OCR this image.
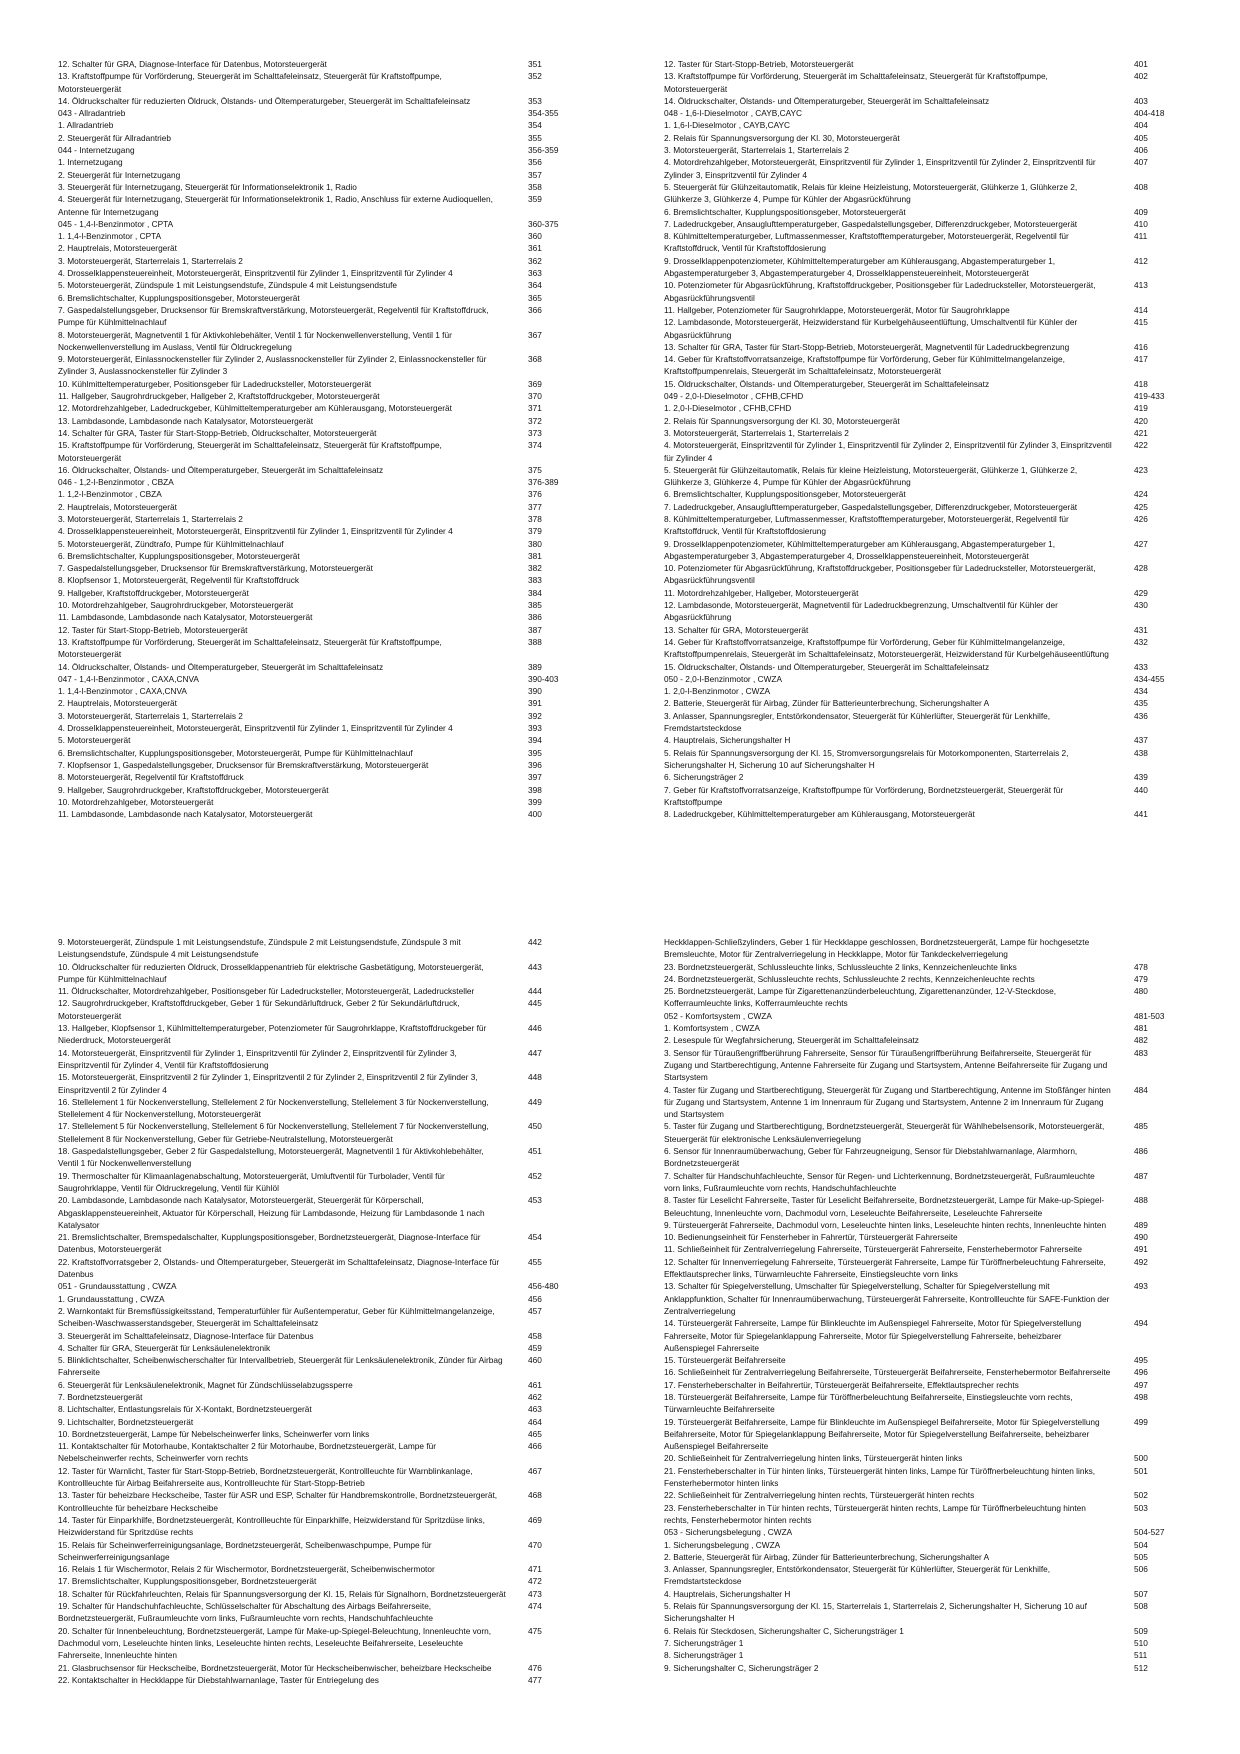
12. Schalter für GRA, Diagnose-Interface für Datenbus, Motorsteuergerät	351
13. Kraftstoffpumpe für Vorförderung, Steuergerät im Schalttafeleinsatz, Steuergerät für Kraftstoffpumpe, Motorsteuergerät
352
14. Öldruckschalter für reduzierten Öldruck, Ölstands- und Öltemperaturgeber, Steuergerät im Schalttafeleinsatz	353
043 - Allradantrieb	354-355
1. Allradantrieb	354
2. Steuergerät für Allradantrieb	355
044 - Internetzugang	356-359
1. Internetzugang	356
2. Steuergerät für Internetzugang	357
3. Steuergerät für Internetzugang, Steuergerät für Informationselektronik 1, Radio	358
4. Steuergerät für Internetzugang, Steuergerät für Informationselektronik 1, Radio, Anschluss für externe Audioquellen, Antenne für Internetzugang
359
045 - 1,4-l-Benzinmotor , CPTA	360-375
1. 1,4-l-Benzinmotor , CPTA	360
2. Hauptrelais, Motorsteuergerät	361
3. Motorsteuergerät, Starterrelais 1, Starterrelais 2	362
4. Drosselklappensteuereinheit, Motorsteuergerät, Einspritzventil für Zylinder 1, Einspritzventil für Zylinder 4	363
5. Motorsteuergerät, Zündspule 1 mit Leistungsendstufe, Zündspule 4 mit Leistungsendstufe	364
6. Bremslichtschalter, Kupplungspositionsgeber, Motorsteuergerät	365
7. Gaspedalstellungsgeber, Drucksensor für Bremskraftverstärkung, Motorsteuergerät, Regelventil für Kraftstoffdruck, Pumpe für Kühlmittelnachlauf
366
8. Motorsteuergerät, Magnetventil 1 für Aktivkohlebehälter, Ventil 1 für Nockenwellenverstellung, Ventil 1 für Nockenwellenverstellung im Auslass, Ventil für Öldruckregelung
367
9. Motorsteuergerät, Einlassnockensteller für Zylinder 2, Auslassnockensteller für Zylinder 2, Einlassnockensteller für Zylinder 3, Auslassnockensteller für Zylinder 3
368
10. Kühlmitteltemperaturgeber, Positionsgeber für Ladedrucksteller, Motorsteuergerät	369
11. Hallgeber, Saugrohrdruckgeber, Hallgeber 2, Kraftstoffdruckgeber, Motorsteuergerät	370
12. Motordrehzahlgeber, Ladedruckgeber, Kühlmitteltemperaturgeber am Kühlerausgang, Motorsteuergerät	371
13. Lambdasonde, Lambdasonde nach Katalysator, Motorsteuergerät	372
14. Schalter für GRA, Taster für Start-Stopp-Betrieb, Öldruckschalter, Motorsteuergerät	373
15. Kraftstoffpumpe für Vorförderung, Steuergerät im Schalttafeleinsatz, Steuergerät für Kraftstoffpumpe, Motorsteuergerät
374
16. Öldruckschalter, Ölstands- und Öltemperaturgeber, Steuergerät im Schalttafeleinsatz	375
046 - 1,2-l-Benzinmotor , CBZA	376-389
1. 1,2-l-Benzinmotor , CBZA	376
2. Hauptrelais, Motorsteuergerät	377
3. Motorsteuergerät, Starterrelais 1, Starterrelais 2	378
4. Drosselklappensteuereinheit, Motorsteuergerät, Einspritzventil für Zylinder 1, Einspritzventil für Zylinder 4	379
5. Motorsteuergerät, Zündtrafo, Pumpe für Kühlmittelnachlauf	380
6. Bremslichtschalter, Kupplungspositionsgeber, Motorsteuergerät	381
7. Gaspedalstellungsgeber, Drucksensor für Bremskraftverstärkung, Motorsteuergerät	382
8. Klopfsensor 1, Motorsteuergerät, Regelventil für Kraftstoffdruck	383
9. Hallgeber, Kraftstoffdruckgeber, Motorsteuergerät	384
10. Motordrehzahlgeber, Saugrohrdruckgeber, Motorsteuergerät	385
11. Lambdasonde, Lambdasonde nach Katalysator, Motorsteuergerät	386
12. Taster für Start-Stopp-Betrieb, Motorsteuergerät	387
13. Kraftstoffpumpe für Vorförderung, Steuergerät im Schalttafeleinsatz, Steuergerät für Kraftstoffpumpe, Motorsteuergerät
388
14. Öldruckschalter, Ölstands- und Öltemperaturgeber, Steuergerät im Schalttafeleinsatz	389
047 - 1,4-l-Benzinmotor , CAXA,CNVA	390-403
1. 1,4-l-Benzinmotor , CAXA,CNVA	390
2. Hauptrelais, Motorsteuergerät	391
3. Motorsteuergerät, Starterrelais 1, Starterrelais 2	392
4. Drosselklappensteuereinheit, Motorsteuergerät, Einspritzventil für Zylinder 1, Einspritzventil für Zylinder 4	393
5. Motorsteuergerät	394
6. Bremslichtschalter, Kupplungspositionsgeber, Motorsteuergerät, Pumpe für Kühlmittelnachlauf	395
7. Klopfsensor 1, Gaspedalstellungsgeber, Drucksensor für Bremskraftverstärkung, Motorsteuergerät	396
8. Motorsteuergerät, Regelventil für Kraftstoffdruck	397
9. Hallgeber, Saugrohrdruckgeber, Kraftstoffdruckgeber, Motorsteuergerät	398
10. Motordrehzahlgeber, Motorsteuergerät	399
11. Lambdasonde, Lambdasonde nach Katalysator, Motorsteuergerät	400
12. Taster für Start-Stopp-Betrieb, Motorsteuergerät	401
13. Kraftstoffpumpe für Vorförderung, Steuergerät im Schalttafeleinsatz, Steuergerät für Kraftstoffpumpe, Motorsteuergerät
402
14. Öldruckschalter, Ölstands- und Öltemperaturgeber, Steuergerät im Schalttafeleinsatz	403
048 - 1,6-l-Dieselmotor , CAYB,CAYC	404-418
1. 1,6-l-Dieselmotor , CAYB,CAYC	404
2. Relais für Spannungsversorgung der Kl. 30, Motorsteuergerät	405
3. Motorsteuergerät, Starterrelais 1, Starterrelais 2	406
4. Motordrehzahlgeber, Motorsteuergerät, Einspritzventil für Zylinder 1, Einspritzventil für Zylinder 2, Einspritzventil für Zylinder 3, Einspritzventil für Zylinder 4
407
5. Steuergerät für Glühzeitautomatik, Relais für kleine Heizleistung, Motorsteuergerät, Glühkerze 1, Glühkerze 2, Glühkerze 3, Glühkerze 4, Pumpe für Kühler der Abgasrückführung
408
6. Bremslichtschalter, Kupplungspositionsgeber, Motorsteuergerät	409
7. Ladedruckgeber, Ansauglufttemperaturgeber, Gaspedalstellungsgeber, Differenzdruckgeber, Motorsteuergerät	410
8. Kühlmitteltemperaturgeber, Luftmassenmesser, Kraftstofftemperaturgeber, Motorsteuergerät, Regelventil für Kraftstoffdruck, Ventil für Kraftstoffdosierung
411
9. Drosselklappenpotenziometer, Kühlmitteltemperaturgeber am Kühlerausgang, Abgastemperaturgeber 1, Abgastemperaturgeber 3, Abgastemperaturgeber 4, Drosselklappensteuereinheit, Motorsteuergerät
412
10. Potenziometer für Abgasrückführung, Kraftstoffdruckgeber, Positionsgeber für Ladedrucksteller, Motorsteuergerät, Abgasrückführungsventil
413
11. Hallgeber, Potenziometer für Saugrohrklappe, Motorsteuergerät, Motor für Saugrohrklappe	414
12. Lambdasonde, Motorsteuergerät, Heizwiderstand für Kurbelgehäuseentlüftung, Umschaltventil für Kühler der Abgasrückführung
415
13. Schalter für GRA, Taster für Start-Stopp-Betrieb, Motorsteuergerät, Magnetventil für Ladedruckbegrenzung	416
14. Geber für Kraftstoffvorratsanzeige, Kraftstoffpumpe für Vorförderung, Geber für Kühlmittelmangelanzeige, Kraftstoffpumpenrelais, Steuergerät im Schalttafeleinsatz, Motorsteuergerät
417
15. Öldruckschalter, Ölstands- und Öltemperaturgeber, Steuergerät im Schalttafeleinsatz	418
049 - 2,0-l-Dieselmotor , CFHB,CFHD	419-433
1. 2,0-l-Dieselmotor , CFHB,CFHD	419
2. Relais für Spannungsversorgung der Kl. 30, Motorsteuergerät	420
3. Motorsteuergerät, Starterrelais 1, Starterrelais 2	421
4. Motorsteuergerät, Einspritzventil für Zylinder 1, Einspritzventil für Zylinder 2, Einspritzventil für Zylinder 3, Einspritzventil für Zylinder 4
422
5. Steuergerät für Glühzeitautomatik, Relais für kleine Heizleistung, Motorsteuergerät, Glühkerze 1, Glühkerze 2, Glühkerze 3, Glühkerze 4, Pumpe für Kühler der Abgasrückführung
423
6. Bremslichtschalter, Kupplungspositionsgeber, Motorsteuergerät	424
7. Ladedruckgeber, Ansauglufttemperaturgeber, Gaspedalstellungsgeber, Differenzdruckgeber, Motorsteuergerät	425
8. Kühlmitteltemperaturgeber, Luftmassenmesser, Kraftstofftemperaturgeber, Motorsteuergerät, Regelventil für Kraftstoffdruck, Ventil für Kraftstoffdosierung
426
9. Drosselklappenpotenziometer, Kühlmitteltemperaturgeber am Kühlerausgang, Abgastemperaturgeber 1, Abgastemperaturgeber 3, Abgastemperaturgeber 4, Drosselklappensteuereinheit, Motorsteuergerät
427
10. Potenziometer für Abgasrückführung, Kraftstoffdruckgeber, Positionsgeber für Ladedrucksteller, Motorsteuergerät, Abgasrückführungsventil
428
11. Motordrehzahlgeber, Hallgeber, Motorsteuergerät	429
12. Lambdasonde, Motorsteuergerät, Magnetventil für Ladedruckbegrenzung, Umschaltventil für Kühler der Abgasrückführung
430
13. Schalter für GRA, Motorsteuergerät	431
14. Geber für Kraftstoffvorratsanzeige, Kraftstoffpumpe für Vorförderung, Geber für Kühlmittelmangelanzeige, Kraftstoffpumpenrelais, Steuergerät im Schalttafeleinsatz, Motorsteuergerät, Heizwiderstand für Kurbelgehäuseentlüftung
432
15. Öldruckschalter, Ölstands- und Öltemperaturgeber, Steuergerät im Schalttafeleinsatz	433
050 - 2,0-l-Benzinmotor , CWZA	434-455
1. 2,0-l-Benzinmotor , CWZA	434
2. Batterie, Steuergerät für Airbag, Zünder für Batterieunterbrechung, Sicherungshalter A	435
3. Anlasser, Spannungsregler, Entstörkondensator, Steuergerät für Kühlerlüfter, Steuergerät für Lenkhilfe, Fremdstartsteckdose
436
4. Hauptrelais, Sicherungshalter H	437
5. Relais für Spannungsversorgung der Kl. 15, Stromversorgungsrelais für Motorkomponenten, Starterrelais 2, Sicherungshalter H, Sicherung 10 auf Sicherungshalter H
438
6. Sicherungsträger 2	439
7. Geber für Kraftstoffvorratsanzeige, Kraftstoffpumpe für Vorförderung, Bordnetzsteuergerät, Steuergerät für Kraftstoffpumpe
440
8. Ladedruckgeber, Kühlmitteltemperaturgeber am Kühlerausgang, Motorsteuergerät	441
9. Motorsteuergerät, Zündspule 1 mit Leistungsendstufe, Zündspule 2 mit Leistungsendstufe, Zündspule 3 mit Leistungsendstufe, Zündspule 4 mit Leistungsendstufe
442
10. Öldruckschalter für reduzierten Öldruck, Drosselklappenantrieb für elektrische Gasbetätigung, Motorsteuergerät, Pumpe für Kühlmittelnachlauf
443
11. Öldruckschalter, Motordrehzahlgeber, Positionsgeber für Ladedrucksteller, Motorsteuergerät, Ladedrucksteller	444
12. Saugrohrdruckgeber, Kraftstoffdruckgeber, Geber 1 für Sekundärluftdruck, Geber 2 für Sekundärluftdruck, Motorsteuergerät
445
13. Hallgeber, Klopfsensor 1, Kühlmitteltemperaturgeber, Potenziometer für Saugrohrklappe, Kraftstoffdruckgeber für Niederdruck, Motorsteuergerät
446
14. Motorsteuergerät, Einspritzventil für Zylinder 1, Einspritzventil für Zylinder 2, Einspritzventil für Zylinder 3, Einspritzventil für Zylinder 4, Ventil für Kraftstoffdosierung
447
15. Motorsteuergerät, Einspritzventil 2 für Zylinder 1, Einspritzventil 2 für Zylinder 2, Einspritzventil 2 für Zylinder 3, Einspritzventil 2 für Zylinder 4
448
16. Stellelement 1 für Nockenverstellung, Stellelement 2 für Nockenverstellung, Stellelement 3 für Nockenverstellung, Stellelement 4 für Nockenverstellung, Motorsteuergerät
449
17. Stellelement 5 für Nockenverstellung, Stellelement 6 für Nockenverstellung, Stellelement 7 für Nockenverstellung, Stellelement 8 für Nockenverstellung, Geber für Getriebe-Neutralstellung, Motorsteuergerät
450
18. Gaspedalstellungsgeber, Geber 2 für Gaspedalstellung, Motorsteuergerät, Magnetventil 1 für Aktivkohlebehälter, Ventil 1 für Nockenwellenverstellung
451
19. Thermoschalter für Klimaanlagenabschaltung, Motorsteuergerät, Umluftventil für Turbolader, Ventil für Saugrohrklappe, Ventil für Öldruckregelung, Ventil für Kühlöl
452
20. Lambdasonde, Lambdasonde nach Katalysator, Motorsteuergerät, Steuergerät für Körperschall, Abgasklappensteuereinheit, Aktuator für Körperschall, Heizung für Lambdasonde, Heizung für Lambdasonde 1 nach Katalysator
453
21. Bremslichtschalter, Bremspedalschalter, Kupplungspositionsgeber, Bordnetzsteuergerät, Diagnose-Interface für Datenbus, Motorsteuergerät
454
22. Kraftstoffvorratsgeber 2, Ölstands- und Öltemperaturgeber, Steuergerät im Schalttafeleinsatz, Diagnose-Interface für Datenbus
455
051 - Grundausstattung , CWZA	456-480
1. Grundausstattung , CWZA	456
2. Warnkontakt für Bremsflüssigkeitsstand, Temperaturfühler für Außentemperatur, Geber für Kühlmittelmangelanzeige, Scheiben-Waschwasserstandsgeber, Steuergerät im Schalttafeleinsatz
457
3. Steuergerät im Schalttafeleinsatz, Diagnose-Interface für Datenbus	458
4. Schalter für GRA, Steuergerät für Lenksäulenelektronik	459
5. Blinklichtschalter, Scheibenwischerschalter für Intervallbetrieb, Steuergerät für Lenksäulenelektronik, Zünder für Airbag Fahrerseite
460
6. Steuergerät für Lenksäulenelektronik, Magnet für Zündschlüsselabzugssperre	461
7. Bordnetzsteuergerät	462
8. Lichtschalter, Entlastungsrelais für X-Kontakt, Bordnetzsteuergerät	463
9. Lichtschalter, Bordnetzsteuergerät	464
10. Bordnetzsteuergerät, Lampe für Nebelscheinwerfer links, Scheinwerfer vorn links	465
11. Kontaktschalter für Motorhaube, Kontaktschalter 2 für Motorhaube, Bordnetzsteuergerät, Lampe für Nebelscheinwerfer rechts, Scheinwerfer vorn rechts
466
12. Taster für Warnlicht, Taster für Start-Stopp-Betrieb, Bordnetzsteuergerät, Kontrollleuchte für Warnblinkanlage, Kontrollleuchte für Airbag Beifahrerseite aus, Kontrollleuchte für Start-Stopp-Betrieb
467
13. Taster für beheizbare Heckscheibe, Taster für ASR und ESP, Schalter für Handbremskontrolle, Bordnetzsteuergerät, Kontrollleuchte für beheizbare Heckscheibe
468
14. Taster für Einparkhilfe, Bordnetzsteuergerät, Kontrollleuchte für Einparkhilfe, Heizwiderstand für Spritzdüse links, Heizwiderstand für Spritzdüse rechts
469
15. Relais für Scheinwerferreinigungsanlage, Bordnetzsteuergerät, Scheibenwaschpumpe, Pumpe für Scheinwerferreinigungsanlage
470
16. Relais 1 für Wischermotor, Relais 2 für Wischermotor, Bordnetzsteuergerät, Scheibenwischermotor	471
17. Bremslichtschalter, Kupplungspositionsgeber, Bordnetzsteuergerät	472
18. Schalter für Rückfahrleuchten, Relais für Spannungsversorgung der Kl. 15, Relais für Signalhorn, Bordnetzsteuergerät	473
19. Schalter für Handschuhfachleuchte, Schlüsselschalter für Abschaltung des Airbags Beifahrerseite, Bordnetzsteuergerät, Fußraumleuchte vorn links, Fußraumleuchte vorn rechts, Handschuhfachleuchte
474
20. Schalter für Innenbeleuchtung, Bordnetzsteuergerät, Lampe für Make-up-Spiegel-Beleuchtung, Innenleuchte vorn, Dachmodul vorn, Leseleuchte hinten links, Leseleuchte hinten rechts, Leseleuchte Beifahrerseite, Leseleuchte Fahrerseite, Innenleuchte hinten
475
21. Glasbruchsensor für Heckscheibe, Bordnetzsteuergerät, Motor für Heckscheibenwischer, beheizbare Heckscheibe	476
22. Kontaktschalter in Heckklappe für Diebstahlwarnanlage, Taster für Entriegelung des	477
Heckklappen-Schließzylinders, Geber 1 für Heckklappe geschlossen, Bordnetzsteuergerät, Lampe für hochgesetzte Bremsleuchte, Motor für Zentralverriegelung in Heckklappe, Motor für Tankdeckelverriegelung
23. Bordnetzsteuergerät, Schlussleuchte links, Schlussleuchte 2 links, Kennzeichenleuchte links	478
24. Bordnetzsteuergerät, Schlussleuchte rechts, Schlussleuchte 2 rechts, Kennzeichenleuchte rechts	479
25. Bordnetzsteuergerät, Lampe für Zigarettenanzünderbeleuchtung, Zigarettenanzünder, 12-V-Steckdose, Kofferraumleuchte links, Kofferraumleuchte rechts
480
052 - Komfortsystem , CWZA	481-503
1. Komfortsystem , CWZA	481
2. Lesespule für Wegfahrsicherung, Steuergerät im Schalttafeleinsatz	482
3. Sensor für Türaußengriffberührung Fahrerseite, Sensor für Türaußengriffberührung Beifahrerseite, Steuergerät für Zugang und Startberechtigung, Antenne Fahrerseite für Zugang und Startsystem, Antenne Beifahrerseite für Zugang und Startsystem
483
4. Taster für Zugang und Startberechtigung, Steuergerät für Zugang und Startberechtigung, Antenne im Stoßfänger hinten für Zugang und Startsystem, Antenne 1 im Innenraum für Zugang und Startsystem, Antenne 2 im Innenraum für Zugang und Startsystem
484
5. Taster für Zugang und Startberechtigung, Bordnetzsteuergerät, Steuergerät für Wählhebelsensorik, Motorsteuergerät, Steuergerät für elektronische Lenksäulenverriegelung
485
6. Sensor für Innenraumüberwachung, Geber für Fahrzeugneigung, Sensor für Diebstahlwarnanlage, Alarmhorn, Bordnetzsteuergerät
486
7. Schalter für Handschuhfachleuchte, Sensor für Regen- und Lichterkennung, Bordnetzsteuergerät, Fußraumleuchte vorn links, Fußraumleuchte vorn rechts, Handschuhfachleuchte
487
8. Taster für Leselicht Fahrerseite, Taster für Leselicht Beifahrerseite, Bordnetzsteuergerät, Lampe für Make-up-Spiegel-Beleuchtung, Innenleuchte vorn, Dachmodul vorn, Leseleuchte Beifahrerseite, Leseleuchte Fahrerseite
488
9. Türsteuergerät Fahrerseite, Dachmodul vorn, Leseleuchte hinten links, Leseleuchte hinten rechts, Innenleuchte hinten	489
10. Bedienungseinheit für Fensterheber in Fahrertür, Türsteuergerät Fahrerseite	490
11. Schließeinheit für Zentralverriegelung Fahrerseite, Türsteuergerät Fahrerseite, Fensterhebermotor Fahrerseite	491
12. Schalter für Innenverriegelung Fahrerseite, Türsteuergerät Fahrerseite, Lampe für Türöffnerbeleuchtung Fahrerseite, Effektlautsprecher links, Türwarnleuchte Fahrerseite, Einstiegsleuchte vorn links
492
13. Schalter für Spiegelverstellung, Umschalter für Spiegelverstellung, Schalter für Spiegelverstellung mit Anklappfunktion, Schalter für Innenraumüberwachung, Türsteuergerät Fahrerseite, Kontrollleuchte für SAFE-Funktion der Zentralverriegelung
493
14. Türsteuergerät Fahrerseite, Lampe für Blinkleuchte im Außenspiegel Fahrerseite, Motor für Spiegelverstellung Fahrerseite, Motor für Spiegelanklappung Fahrerseite, Motor für Spiegelverstellung Fahrerseite, beheizbarer Außenspiegel Fahrerseite
494
15. Türsteuergerät Beifahrerseite	495
16. Schließeinheit für Zentralverriegelung Beifahrerseite, Türsteuergerät Beifahrerseite, Fensterhebermotor Beifahrerseite	496
17. Fensterheberschalter in Beifahrertür, Türsteuergerät Beifahrerseite, Effektlautsprecher rechts	497
18. Türsteuergerät Beifahrerseite, Lampe für Türöffnerbeleuchtung Beifahrerseite, Einstiegsleuchte vorn rechts, Türwarnleuchte Beifahrerseite
498
19. Türsteuergerät Beifahrerseite, Lampe für Blinkleuchte im Außenspiegel Beifahrerseite, Motor für Spiegelverstellung Beifahrerseite, Motor für Spiegelanklappung Beifahrerseite, Motor für Spiegelverstellung Beifahrerseite, beheizbarer Außenspiegel Beifahrerseite
499
20. Schließeinheit für Zentralverriegelung hinten links, Türsteuergerät hinten links	500
21. Fensterheberschalter in Tür hinten links, Türsteuergerät hinten links, Lampe für Türöffnerbeleuchtung hinten links, Fensterhebermotor hinten links
501
22. Schließeinheit für Zentralverriegelung hinten rechts, Türsteuergerät hinten rechts	502
23. Fensterheberschalter in Tür hinten rechts, Türsteuergerät hinten rechts, Lampe für Türöffnerbeleuchtung hinten rechts, Fensterhebermotor hinten rechts
503
053 - Sicherungsbelegung , CWZA	504-527
1. Sicherungsbelegung , CWZA	504
2. Batterie, Steuergerät für Airbag, Zünder für Batterieunterbrechung, Sicherungshalter A	505
3. Anlasser, Spannungsregler, Entstörkondensator, Steuergerät für Kühlerlüfter, Steuergerät für Lenkhilfe, Fremdstartsteckdose
506
4. Hauptrelais, Sicherungshalter H	507
5. Relais für Spannungsversorgung der Kl. 15, Starterrelais 1, Starterrelais 2, Sicherungshalter H, Sicherung 10 auf Sicherungshalter H
508
6. Relais für Steckdosen, Sicherungshalter C, Sicherungsträger 1	509
7. Sicherungsträger 1	510
8. Sicherungsträger 1	511
9. Sicherungshalter C, Sicherungsträger 2	512
